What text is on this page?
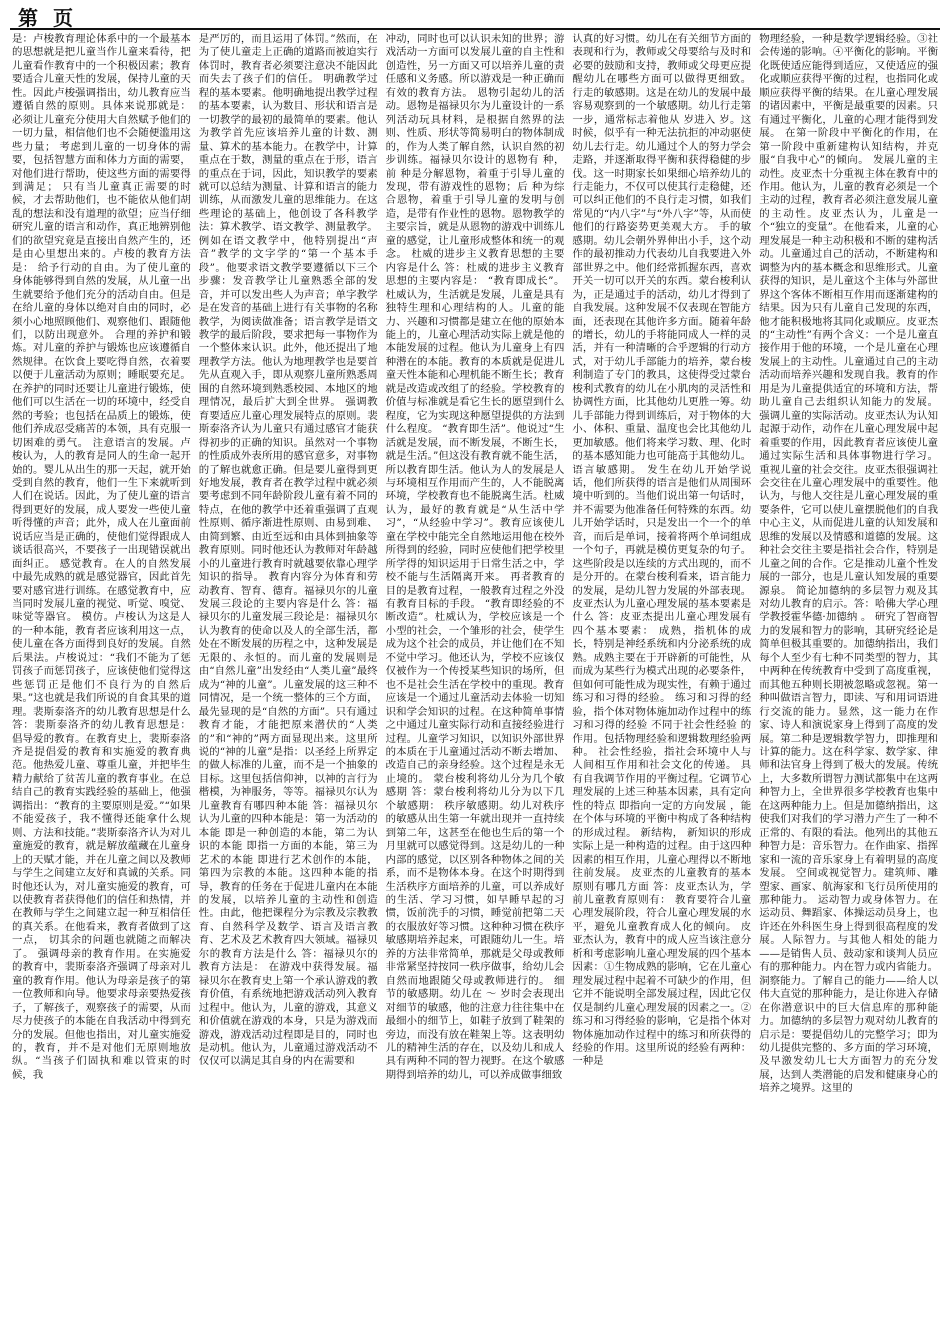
第 页

是：卢梭教育理论体系中的一个最基本的思想就是把儿童当作儿童来看待，把儿童看作教育中的一个积极因素；教育要适合儿童天性的发展，保持儿童的天性。因此卢梭强调指出，幼儿教育应当遵循自然的原则。具体来说那就是： 必须让儿童充分使用大自然赋予他们的一切力量，相信他们也不会随便滥用这些力量； 考虑到儿童的一切身体的需要，包括智慧方面和体力方面的需要，对他们进行帮助，使这些方面的需要得到满足； 只有当儿童真正需要的时候，才去帮助他们，也不能依从他们胡乱的想法和没有道理的欲望；应当仔细研究儿童的语言和动作，真正地辨别他们的欲望究竟是直接出自然产生的，还是由心里想出来的。卢梭的教育方法是： 给予行动的自由。为了使儿童的身体能够得到自然的发展，从儿童一出生就要给予他们充分的活动自由。但是在给儿童的身体以绝对自由的同时，必须小心地照顾他们、观察他们、跟随他们，以防出现意外。 合理的养护和锻炼。对儿童的养护与锻炼也应该遵循自然规律。在饮食上要吃得自然，衣着要以便于儿童活动为原则；睡眠要充足。在养护的同时还要让儿童进行锻炼，使他们可以生活在一切的环境中，经受自然的考验；也包括在品质上的锻炼，使他们养成忍受痛苦的本领，具有克服一切困难的勇气。 注意语言的发展。卢梭认为，人的教育是同人的生命一起开始的。婴儿从出生的那一天起，就开始受到自然的教育，他们一生下来就听到人们在说话。因此，为了使儿童的语言得到更好的发展，成人要发一些使儿童听得懂的声音；此外，成人在儿童面前说话应当是正确的，使他们觉得跟成人谈话很高兴，不要孩子一出现错误就出面纠正。 感觉教育。在人的自然发展中最先成熟的就是感觉器官，因此首先要对感官进行训练。在感觉教育中，应当同时发展儿童的视觉、听觉、嗅觉、味觉等器官。 模仿。卢梭认为这是人的一种本能，教育者应该利用这一点，使儿童在各方面得到良好的发展。自然后果法。卢梭说过：“我们不能为了惩罚孩子而惩罚孩子，应该使他们觉得这些惩罚正是他们不良行为的自然后果。”这也就是我们所说的自食其果的道理。裴斯泰洛齐的幼儿教育思想是什么 答：裴斯泰洛齐的幼儿教育思想是： 倡导爱的教育。在教育史上，裴斯泰洛齐是提倡爱的教育和实施爱的教育典范。他热爱儿童、尊重儿童，并把毕生精力献给了贫苦儿童的教育事业。在总结自己的教育实践经验的基础上，他强调指出：“教育的主要原则是爱。”“如果不能爱孩子，我不懂得还能拿什么规则、方法和技能。”裴斯泰洛齐认为对儿童施爱的教育，就是解放蕴藏在儿童身上的天赋才能，并在儿童之间以及教师与学生之间建立友好和真诚的关系。同时他还认为，对儿童实施爱的教育，可以使教育者获得他们的信任和热情，并在教师与学生之间建立起一种互相信任的真关系。在他看来，教育者做到了这一点， 切其余的问题也就随之而解决了。 强调母亲的教育作用。在实施爱的教育中，裴斯泰洛齐强调了母亲对儿童的教育作用。他认为母亲是孩子的第一位教师和向导。他要求母亲要热爱孩子，了解孩子，观察孩子的需要，从而尽力使孩子的本能在自我活动中得到充分的发展。但他也指出，对儿童实施爱的，教育，并不是对他们无原则地放纵。“当孩子们固执和难以管束的时候，我

是严厉的，而且运用了体罚。”然而，在为了使儿童走上正确的道路而被迫实行体罚时，教育者必须要注意决不能因此而失去了孩子们的信任。 明确教学过程的基本要素。他明确地提出教学过程的基本要素，认为数目、形状和语言是一切教学的最初的最简单的要素。他认为教学首先应该培养儿童的计数、测量、算术的基本能力。在教学中，计算重点在于数，测量的重点在于形，语言的重点在于词，因此，知识教学的要素就可以总结为测量、计算和语言的能力训练，从而激发儿童的思维能力。在这些理论的基础上，他创设了各科教学法：算术教学、语文教学、测量教学。例如在语文教学中，他特别提出“声音”教学的文字学的“第一个基本手段”。他要求语文教学要遵循以下三个步骤：发音教学让儿童熟悉全部的发音，并可以发出些人为声音；单字教学是在发音的基础上进行有关事物的名称教学，为阅读做准备；语言教学是语文教学的最后阶段，要求把每一事物作为一个整体来认识。此外，他还提出了地理教学方法。他认为地理教学也是要首先从直观入手，即从观察儿童所熟悉周围的自然环境到熟悉校园、本地区的地理情况，最后扩大到全世界。 强调教育要适应儿童心理发展特点的原则。裴斯泰洛齐认为儿童只有通过感官才能获得初步的正确的知识。虽然对一个事物的性质成外表所用的感官意多，对事物的了解也就愈正确。但是要儿童得到更好地发展，教育者在教学过程中就必须要考虑到不同年龄阶段儿童有着不同的特点，在他的教学中还着重强调了直观性原则、循序渐进性原则、由易到难、由简到繁、由近至远和由具体到抽象等教育原则。同时他还认为教师对年龄越小的儿童进行教育时就越要依靠心理学知识的指导。 教育内容分为体育和劳动教育、智育、德育。福禄贝尔的儿童发展三段论的主要内容是什么 答：福禄贝尔的儿童发展三段论是：福禄贝尔认为教育的使命以及人的全部生活，都处在不断发展的历程之中，这种发展是无限的、永恒的。而儿童的发展则是由“自然儿童”出发经由“人类儿童”最终成为“神的儿童”。儿童发展的这三种不同情况，是一个统一整体的三个方面，最先显现的是“自然的方面”。只有通过教育才能，才能把原来潜伏的“人类的”和“神的”两方面显现出来。这里所说的“神的儿童”是指：以圣经上所界定的做人标准的儿童，而不是一个抽象的目标。这里包括信仰神，以神的言行为楷模，为神服务，等等。福禄贝尔认为儿童教育有哪四种本能 答：福禄贝尔认为儿童的四种本能是：第一为活动的本能 即是一种创造的本能，第二为认识的本能 即指一方面的本能，第三为艺术的本能 即进行艺术创作的本能，第四为宗教的本能。这四种本能的指导，教育的任务在于促进儿童内在本能的发展，以培养儿童的主动性和创造性。由此，他把课程分为宗教及宗教教育、自然科学及数学、语言及语言教育、艺术及艺术教育四大领域。福禄贝尔的教育方法是什么 答：福禄贝尔的教育方法是： 在游戏中获得发展。福禄贝尔在教育史上第一个承认游戏的教育价值，有系统地把游戏活动列入教育过程中。他认为，儿童的游戏，其意义和价值就在游戏的本身，只是为游戏而游戏，游戏活动过程即是目的，同时也是动机。他认为，儿童通过游戏活动不仅仅可以满足其自身的内在需要和

冲动，同时也可以认识未知的世界；游戏活动一方面可以发展儿童的自主性和创造性，另一方面又可以培养儿童的责任感和义务感。所以游戏是一种正确而有效的教育方法。 恩物引起幼儿的活动。恩物是福禄贝尔为儿童设计的一系列活动玩具材料，是根据自然界的法则、性质、形状等简易明白的物体制成的，作为人类了解自然，认识自然的初步训练。福禄贝尔设计的恩物有 种，前 种是分解恩物，着重于引导儿童的发现，带有游戏性的恩物；后 种为综合恩物，着重于引导儿童的发明与创造，是带有作业性的恩物。恩物教学的主要宗旨，就是从恩物的游戏中训练儿童的感觉，让儿童形成整体和统一的观念。 杜威的进步主义教育思想的主要内容是什么 答：杜威的进步主义教育思想的主要内容是： “教育即成长”。杜威认为，生活就是发展，儿童是具有独特生理和心理结构的人。儿童的能力、兴趣和习惯都是建立在他的原始本能上的，儿童心理活动实际上就是他的本能发展的过程。他认为儿童身上有四种潜在的本能。教育的本质就是促进儿童天性本能和心理机能不断生长；教育就是改造或改组了的经验。学校教育的价值与标准就是看它生长的愿望到什么程度，它为实现这种愿望提供的方法到什么程度。 “教育即生活”。他说过“生活就是发展，而不断发展，不断生长，就是生活。”但这没有教育就不能生活，所以教育即生活。他认为人的发展是人与环境相互作用而产生的，人不能脱离环境，学校教育也不能脱离生活。杜威认为，最好的教育就是“从生活中学习”，“从经验中学习”。教育应该使儿童在学校中能完全自然地运用他在校外所得到的经验，同时应使他们把学校里所学得的知识运用于日常生活之中，学校不能与生活隔离开来。 再者教育的目的是教育过程，一般教育过程之外没有教育目标的手段。 “教育即经验的不断改造”。杜威认为，学校应该是一个小型的社会，一个雏形的社会，使学生成为这个社会的成员，并让他们在不知不觉中学习。他还认为，学校不应该仅仅被作为一个传授某些知识的场所，但也不是社会生活在学校中的重现。教育应该是一个通过儿童活动去体验一切知识和学会知识的过程。在这种简单事情之中通过儿童实际行动和直接经验进行过程。儿童学习知识，以知识外部世界的本质在于儿童通过活动不断去增加、改造自己的亲身经验。这个过程是永无止境的。 蒙台梭利将幼儿分为几个敏感期 答：蒙台梭利将幼儿分为以下几个敏感期： 秩序敏感期。幼儿对秩序的敏感从出生第一年就出现并一直持续到第二年，这甚至在他也生后的第一个月里就可以感觉得到。这是幼儿的一种内部的感觉，以区别各种物体之间的关系，而不是物体本身。在这个时期得到生活秩序方面培养的儿童，可以养成好的生活、学习习惯，如早睡早起的习惯，饭前洗手的习惯，睡觉前把第二天的衣服放好等习惯。这种种习惯在秩序敏感期培养起来，可跟随幼儿一生。培养的方法非常简单，那就是父母或教师非常紧坚持按同一秩序做事，给幼儿会自然而地跟随父母或教师进行的。 细节的敏感期。幼儿在 ～ 岁时会表现出对细节的敏感，他的注意力往往集中在最细小的细节上，如鞋子放到了鞋架的旁边，而没有放在鞋架上等。这表明幼儿的精神生活的存在，以及幼儿和成人具有两种不同的智力视野。在这个敏感期得到培养的幼儿，可以养成做事细致

认真的好习惯。幼儿在有关细节方面的表现和行为，教师或父母要给与及时和必要的鼓励和支持，教师或父母更应提醒幼儿在哪些方面可以做得更细致。 行走的敏感期。这是在幼儿的发展中最容易观察到的一个敏感期。幼儿行走第一步，通常标志着他从 岁进入 岁。这时候，似乎有一种无法抗拒的冲动驱使幼儿去行走。幼儿通过个人的努力学会走路，并逐渐取得平衡和获得稳健的步伐。这一时期家长如果细心培养幼儿的行走能力，不仅可以使其行走稳健，还可以纠正他们的不良行走习惯，如我们常见的“内八字”与“外八字”等，从而使他们的行路姿势更美观大方。 手的敏感期。幼儿会朝外界伸出小手，这个动作的最初推动力代表幼儿自我要进入外部世界之中。他们经常抓握东西，喜欢开关一切可以开关的东西。蒙台梭利认为，正是通过手的活动，幼儿才得到了自我发展。这种发展不仅表现在智能方面，还表现在其他许多方面。随着年龄的增长，幼儿的手将能同成人一样的灵活，并有一种清晰的合乎逻辑的行动方式，对于幼儿手部能力的培养，蒙台梭利制造了专门的教具，这使得受过蒙台梭利式教育的幼儿在小肌肉的灵活性和协调性方面，比其他幼儿更胜一筹。幼儿手部能力得到训练后，对于物体的大小、体积、重量、温度也会比其他幼儿更加敏感。他们将来学习数、理、化时的基本感知能力也可能高于其他幼儿。 语言敏感期。 发生在幼儿开始学说话，他们所获得的语言是他们从周围环境中听到的。当他们说出第一句话时，并不需要为他准备任何特殊的东西。幼儿开始学话时，只是发出一个一个的单音，而后是单词，接着将两个单词组成一个句子，再就是模仿更复杂的句子。这些阶段是以连续的方式出现的，而不是分开的。在蒙台梭利看来，语言能力的发展，是幼儿智力发展的外部表现。 皮亚杰认为儿童心理发展的基本要素是什么 答：皮亚杰提出儿童心理发展有四个基本要素： 成熟，指机体的成长，特别是神经系统和内分泌系统的成熟。成熟主要在于开辟新的可能性，从而成为某些行为模式出现的必要条件，但如何可能性成为现实性，有赖于通过练习和习得的经验。 练习和习得的经验，指个体对物体施加动作过程中的练习和习得的经验 不同于社会性经验 的作用。包括物理经验和逻辑数理经验两种。 社会性经验，指社会环境中人与人间相互作用和社会文化的传递。 具有自我调节作用的平衡过程。它调节心理发展的上述三种基本因素，具有定向性的特点 即指向一定的方向发展 ，能在个体与环境的平衡中构成了各种结构的形成过程。 新结构， 新知识的形成实际上是一种构造的过程。由于这四种因素的相互作用，儿童心理得以不断地往前发展。 皮亚杰的儿童教育的基本原则有哪几方面 答：皮亚杰认为，学前儿童教育原则有： 教育要符合儿童心理发展阶段，符合儿童心理发展的水平，避免儿童教育成人化的倾向。 皮亚杰认为，教育中的成人应当该注意分析和考虑影响儿童心理发展的四个基本因素：①生物成熟的影响，它在儿童心理发展过程中起着不可缺少的作用，但它并不能说明全部发展过程，因此它仅仅是制约儿童心理发展的因素之一。②练习和习得经验的影响，它是指个体对物体施加动作过程中的练习和所获得的经验的作用。这里所说的经验有两种：一种是

物理经验，一种是数学逻辑经验。③社会传递的影响。④平衡化的影响。平衡化既使适应能得到适应，又使适应的强化或顺应获得平衡的过程，也指同化或顺应获得平衡的结果。在儿童心理发展的诸因素中，平衡是最重要的因素。只有通过平衡化，儿童的心理才能得到发展。 在第一阶段中平衡化的作用，在第一阶段中重新建构认知结构，并克服“自我中心”的倾向。 发展儿童的主动性。皮亚杰十分重视主体在教育中的作用。他认为，儿童的教育必须是一个主动的过程，教育者必须注意发展儿童的主动性。皮亚杰认为，儿童是一个“独立的变量”。在他看来，儿童的心理发展是一种主动积极和不断的建构活动。儿童通过自己的活动，不断建构和调整为内的基本概念和思维形式。儿童获得的知识，是儿童这个主体与外部世界这个客体不断相互作用而逐渐建构的结果。因为只有儿童自己发现的东西，他才能积极地将其同化或顺应。皮亚杰的“主动性”有两个含义：一个是儿童直接作用于他的环境，一个是儿童在心理发展上的主动性。儿童通过自己的主动活动而培养兴趣和发现自我。教育的作用是为儿童提供适宜的环境和方法，帮助儿童自己去组织认知能力的发展。 强调儿童的实际活动。皮亚杰认为认知起源于动作，动作在儿童心理发展中起着重要的作用，因此教育者应该使儿童通过实际生活和具体事物进行学习。 重视儿童的社会交往。皮亚杰很强调社会交往在儿童心理发展中的重要性。他认为，与他人交往是儿童心理发展的重要条件，它可以使儿童摆脱他们的自我中心主义，从而促进儿童的认知发展和思维的发展以及情感和道德的发展。这种社会交往主要是指社会合作，特别是儿童之间的合作。它是推动儿童个性发展的一部分，也是儿童认知发展的重要源泉。 简论加德纳的多层智力观及其对幼儿教育的启示。答：哈佛大学心理学教授霍华德·加德纳 。 研究了智商智力的发展和智力的影响，其研究经论是简单但极其重要的。加德纳指出，我们每个人至少有七种不同类型的智力，其中两种在传统教育中受到了高度重视，而其他五种则长期被忽略或忽视。第一种叫做语言智力，即读、写和用词语进行交流的能力。显然，这一能力在作家、诗人和演说家身上得到了高度的发展。第二种是逻辑数学智力，即推理和计算的能力。这在科学家、数学家、律师和法官身上得到了极大的发展。传统上，大多数所谓智力测试都集中在这两种智力上，全世界很多学校教育也集中在这两种能力上。但是加德纳指出，这使我们对我们的学习潜力产生了一种不正常的、有限的看法。他列出的其他五种智力是：音乐智力。在作曲家、指挥家和一流的音乐家身上有着明显的高度发展。 空间或视觉智力。建筑师、雕塑家、画家、航海家和飞行员所使用的那种能力。 运动智力或身体智力。在运动员、舞蹈家、体操运动员身上，也许还在外科医生身上得到很高程度的发展。人际智力。与其他人相处的能力——是销售人员、鼓动家和谈判人员应有的那种能力。内在智力或内省能力。洞察能力。了解自己的能力——给人以伟大直觉的那种能力，是让你进入存储在你潜意识中的巨大信息库的那种能力。加德纳的多层智力观对幼儿教育的启示是：要提倡幼儿的完整学习；即为幼儿提供完整的、多方面的学习环境，及早激发幼儿七大方面智力的充分发展，达到人类潜能的启发和健康身心的培养之境界。这里的
